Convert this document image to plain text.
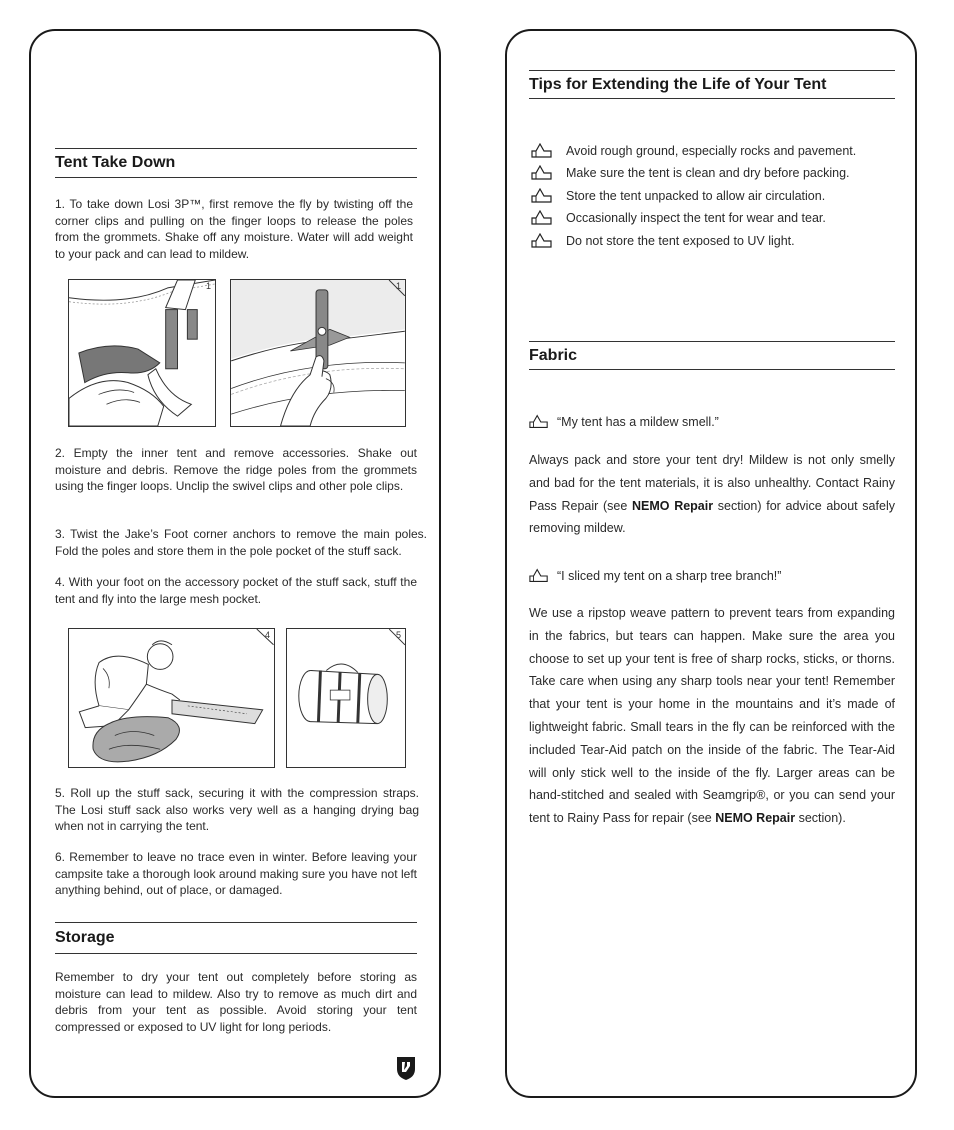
Tent Take Down

1. To take down Losi 3P™, first remove the fly by twisting off the corner clips and pulling on the finger loops to release the poles from the grommets. Shake off any moisture. Water will add weight to your pack and can lead to mildew.

1	1

2. Empty the inner tent and remove accessories. Shake out moisture and debris. Remove the ridge poles from the grommets using the finger loops. Unclip the swivel clips and other pole clips.

3. Twist the Jake’s Foot corner anchors to remove the main poles. Fold the poles and store them in the pole pocket of the stuff sack.

4. With your foot on the accessory pocket of the stuff sack, stuff the tent and fly into the large mesh pocket.

4	5

5. Roll up the stuff sack, securing it with the compression straps. The Losi stuff sack also works very well as a hanging drying bag when not in carrying the tent.

6. Remember to leave no trace even in winter. Before leaving your campsite take a thorough look around making sure you have not left anything behind, out of place, or damaged.

Storage

Remember to dry your tent out completely before storing as moisture can lead to mildew. Also try to remove as much dirt and debris from your tent as possible. Avoid storing your tent compressed or exposed to UV light for long periods.

Tips for Extending the Life of Your Tent
Avoid rough ground, especially rocks and pavement.
Make sure the tent is clean and dry before packing.
Store the tent unpacked to allow air circulation.
Occasionally inspect the tent for wear and tear.
Do not store the tent exposed to UV light.
Fabric
“My tent has a mildew smell.”

Always pack and store your tent dry! Mildew is not only smelly and bad for the tent materials, it is also unhealthy. Contact Rainy Pass Repair (see NEMO Repair section) for advice about safely removing mildew.

“I sliced my tent on a sharp tree branch!”

We use a ripstop weave pattern to prevent tears from expanding in the fabrics, but tears can happen. Make sure the area you choose to set up your tent is free of sharp rocks, sticks, or thorns. Take care when using any sharp tools near your tent! Remember that your tent is your home in the mountains and it’s made of lightweight fabric. Small tears in the fly can be reinforced with the included Tear-Aid patch on the inside of the fabric. The Tear-Aid will only stick well to the inside of the fly. Larger areas can be hand-stitched and sealed with Seamgrip®, or you can send your tent to Rainy Pass for repair (see NEMO Repair section).
